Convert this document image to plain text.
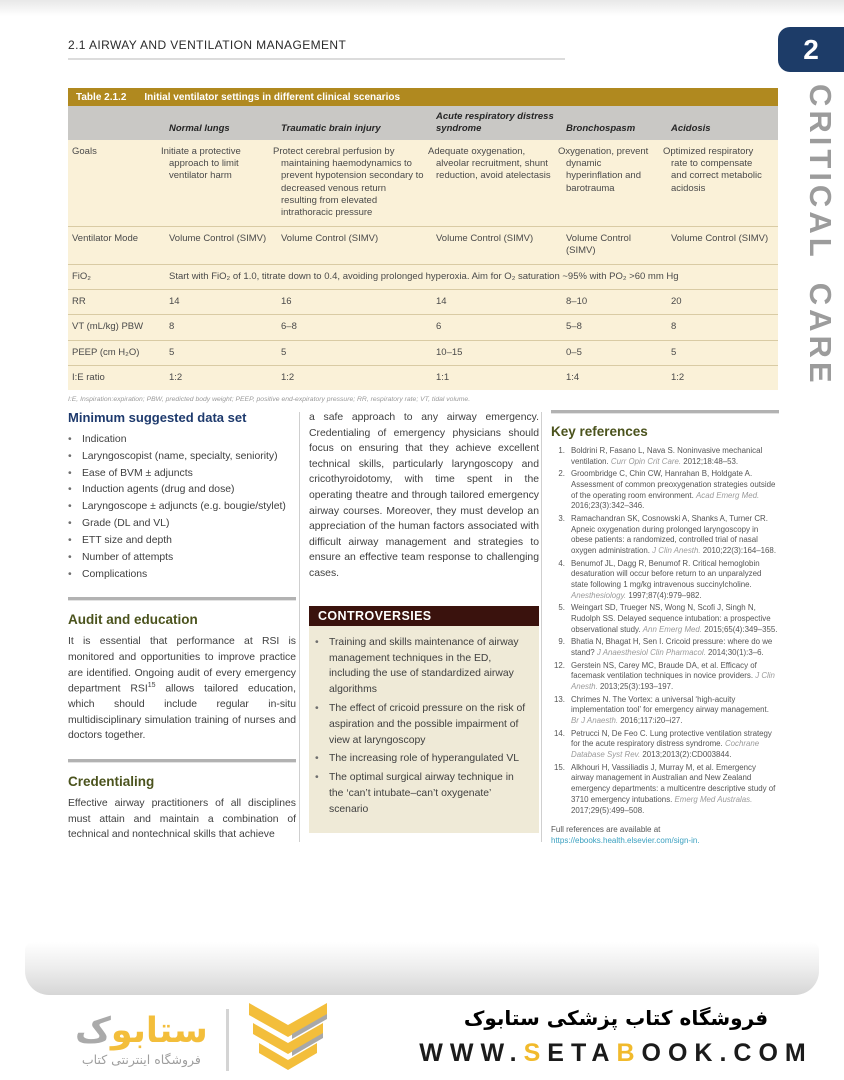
2.1 AIRWAY AND VENTILATION MANAGEMENT	2
CRITICAL CARE
Table 2.1.2 Initial ventilator settings in different clinical scenarios
	Normal lungs	Traumatic brain injury	Acute respiratory distress syndrome	Bronchospasm	Acidosis
Goals	Initiate a protective approach to limit ventilator harm	Protect cerebral perfusion by maintaining haemodynamics to prevent hypotension secondary to decreased venous return resulting from elevated intrathoracic pressure	Adequate oxygenation, alveolar recruitment, shunt reduction, avoid atelectasis	Oxygenation, prevent dynamic hyperinflation and barotrauma	Optimized respiratory rate to compensate and correct metabolic acidosis
Ventilator Mode	Volume Control (SIMV)	Volume Control (SIMV)	Volume Control (SIMV)	Volume Control (SIMV)	Volume Control (SIMV)
FiO₂	Start with FiO₂ of 1.0, titrate down to 0.4, avoiding prolonged hyperoxia. Aim for O₂ saturation ~95% with PO₂ >60 mm Hg				
RR	14	16	14	8–10	20
VT (mL/kg) PBW	8	6–8	6	5–8	8
PEEP (cm H₂O)	5	5	10–15	0–5	5
I:E ratio	1:2	1:2	1:1	1:4	1:2
I:E, Inspiration:expiration; PBW, predicted body weight; PEEP, positive end-expiratory pressure; RR, respiratory rate; VT, tidal volume.
Minimum suggested data set
• Indication
• Laryngoscopist (name, specialty, seniority)
• Ease of BVM ± adjuncts
• Induction agents (drug and dose)
• Laryngoscope ± adjuncts (e.g. bougie/stylet)
• Grade (DL and VL)
• ETT size and depth
• Number of attempts
• Complications
Audit and education

It is essential that performance at RSI is monitored and opportunities to improve practice are identified. Ongoing audit of every emergency department RSI$^{15}$ allows tailored education, which should include regular in-situ multidisciplinary simulation training of nurses and doctors together.

Credentialing

Effective airway practitioners of all disciplines must attain and maintain a combination of technical and nontechnical skills that achieve

a safe approach to any airway emergency. Credentialing of emergency physicians should focus on ensuring that they achieve excellent technical skills, particularly laryngoscopy and cricothyroidotomy, with time spent in the operating theatre and through tailored emergency airway courses. Moreover, they must develop an appreciation of the human factors associated with difficult airway management and strategies to ensure an effective team response to challenging cases.

CONTROVERSIES
• Training and skills maintenance of airway management techniques in the ED, including the use of standardized airway algorithms
• The effect of cricoid pressure on the risk of aspiration and the possible impairment of view at laryngoscopy
• The increasing role of hyperangulated VL
• The optimal surgical airway technique in the ‘can’t intubate–can’t oxygenate’ scenario
Key references
1. Boldrini R, Fasano L, Nava S. Noninvasive mechanical ventilation. Curr Opin Crit Care. 2012;18:48–53.
2. Groombridge C, Chin CW, Hanrahan B, Holdgate A. Assessment of common preoxygenation strategies outside of the operating room environment. Acad Emerg Med. 2016;23(3):342–346.
3. Ramachandran SK, Cosnowski A, Shanks A, Turner CR. Apneic oxygenation during prolonged laryngoscopy in obese patients: a randomized, controlled trial of nasal oxygen administration. J Clin Anesth. 2010;22(3):164–168.
4. Benumof JL, Dagg R, Benumof R. Critical hemoglobin desaturation will occur before return to an unparalyzed state following 1 mg/kg intravenous succinylcholine. Anesthesiology. 1997;87(4):979–982.
5. Weingart SD, Trueger NS, Wong N, Scofi J, Singh N, Rudolph SS. Delayed sequence intubation: a prospective observational study. Ann Emerg Med. 2015;65(4):349–355.
9. Bhatia N, Bhagat H, Sen I. Cricoid pressure: where do we stand? J Anaesthesiol Clin Pharmacol. 2014;30(1):3–6.
12. Gerstein NS, Carey MC, Braude DA, et al. Efficacy of facemask ventilation techniques in novice providers. J Clin Anesth. 2013;25(3):193–197.
13. Chrimes N. The Vortex: a universal ‘high-acuity implementation tool’ for emergency airway management. Br J Anaesth. 2016;117:i20–i27.
14. Petrucci N, De Feo C. Lung protective ventilation strategy for the acute respiratory distress syndrome. Cochrane Database Syst Rev. 2013;2013(2):CD003844.
15. Alkhouri H, Vassiliadis J, Murray M, et al. Emergency airway management in Australian and New Zealand emergency departments: a multicentre descriptive study of 3710 emergency intubations. Emerg Med Australas. 2017;29(5):499–508.
Full references are available at https://ebooks.health.elsevier.com/sign-in.
ستابوک
فروشگاه اینترنتی کتاب
فروشگاه کتاب پزشکی ستابوک
WWW.SETABOOK.COM
